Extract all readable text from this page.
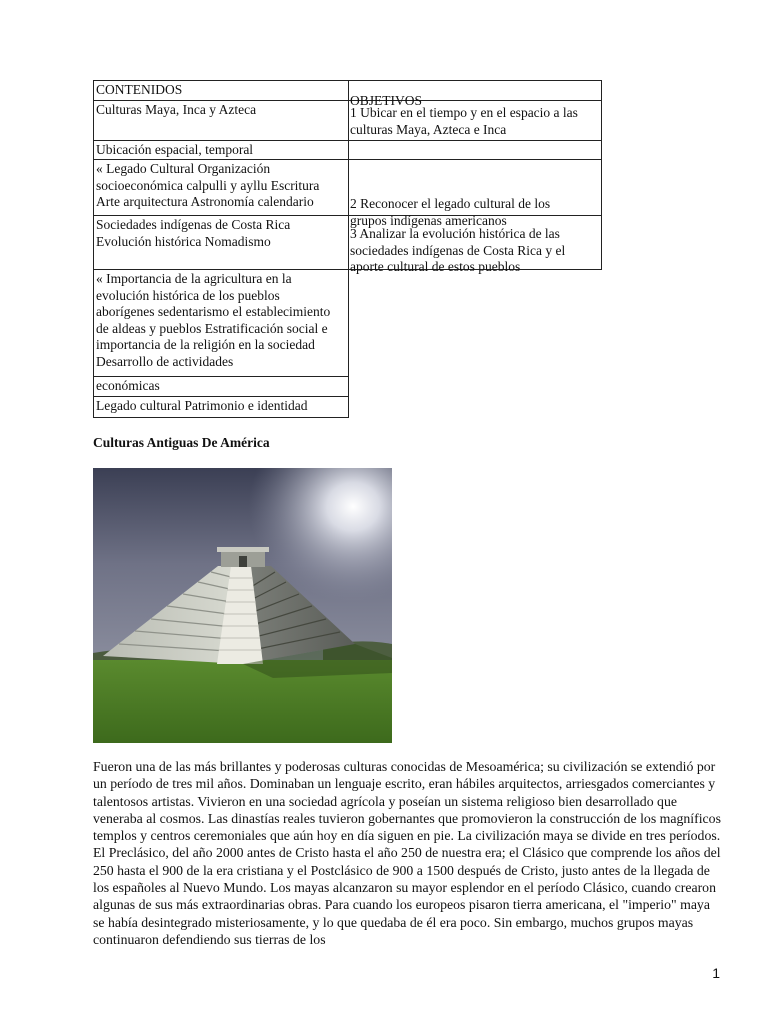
CONTENIDOS
Culturas Maya, Inca y Azteca
Ubicación espacial, temporal
« Legado Cultural Organización
socioeconómica calpulli y ayllu Escritura
Arte arquitectura Astronomía calendario
Sociedades indígenas de Costa Rica
Evolución histórica Nomadismo
« Importancia de la agricultura en la
evolución histórica de los pueblos
aborígenes sedentarismo el establecimiento
de aldeas y pueblos Estratificación social e
importancia de la religión en la sociedad
Desarrollo de actividades
económicas
Legado cultural Patrimonio e identidad
OBJETIVOS
1 Ubicar en el tiempo y en el espacio a las
culturas Maya, Azteca e Inca
2 Reconocer el legado cultural de los
grupos indígenas americanos
3 Analizar la evolución histórica de las
sociedades indígenas de Costa Rica y el
aporte cultural de estos pueblos
Culturas Antiguas De América
Fueron una de las más brillantes y poderosas culturas conocidas de Mesoamérica; su civilización se extendió por un período de tres mil años. Dominaban un lenguaje escrito, eran hábiles arquitectos, arriesgados comerciantes y talentosos artistas. Vivieron en una sociedad agrícola y poseían un sistema religioso bien desarrollado que veneraba al cosmos. Las dinastías reales tuvieron gobernantes que promovieron la construcción de los magníficos templos y centros ceremoniales que aún hoy en día siguen en pie. La civilización maya se divide en tres períodos. El Preclásico, del año 2000 antes de Cristo hasta el año 250 de nuestra era; el Clásico que comprende los años del 250 hasta el 900 de la era cristiana y el Postclásico de 900 a 1500 después de Cristo, justo antes de la llegada de los españoles al Nuevo Mundo. Los mayas alcanzaron su mayor esplendor en el período Clásico, cuando crearon algunas de sus más extraordinarias obras. Para cuando los europeos pisaron tierra americana, el "imperio" maya se había desintegrado misteriosamente, y lo que quedaba de él era poco. Sin embargo, muchos grupos mayas continuaron defendiendo sus tierras de los
1
